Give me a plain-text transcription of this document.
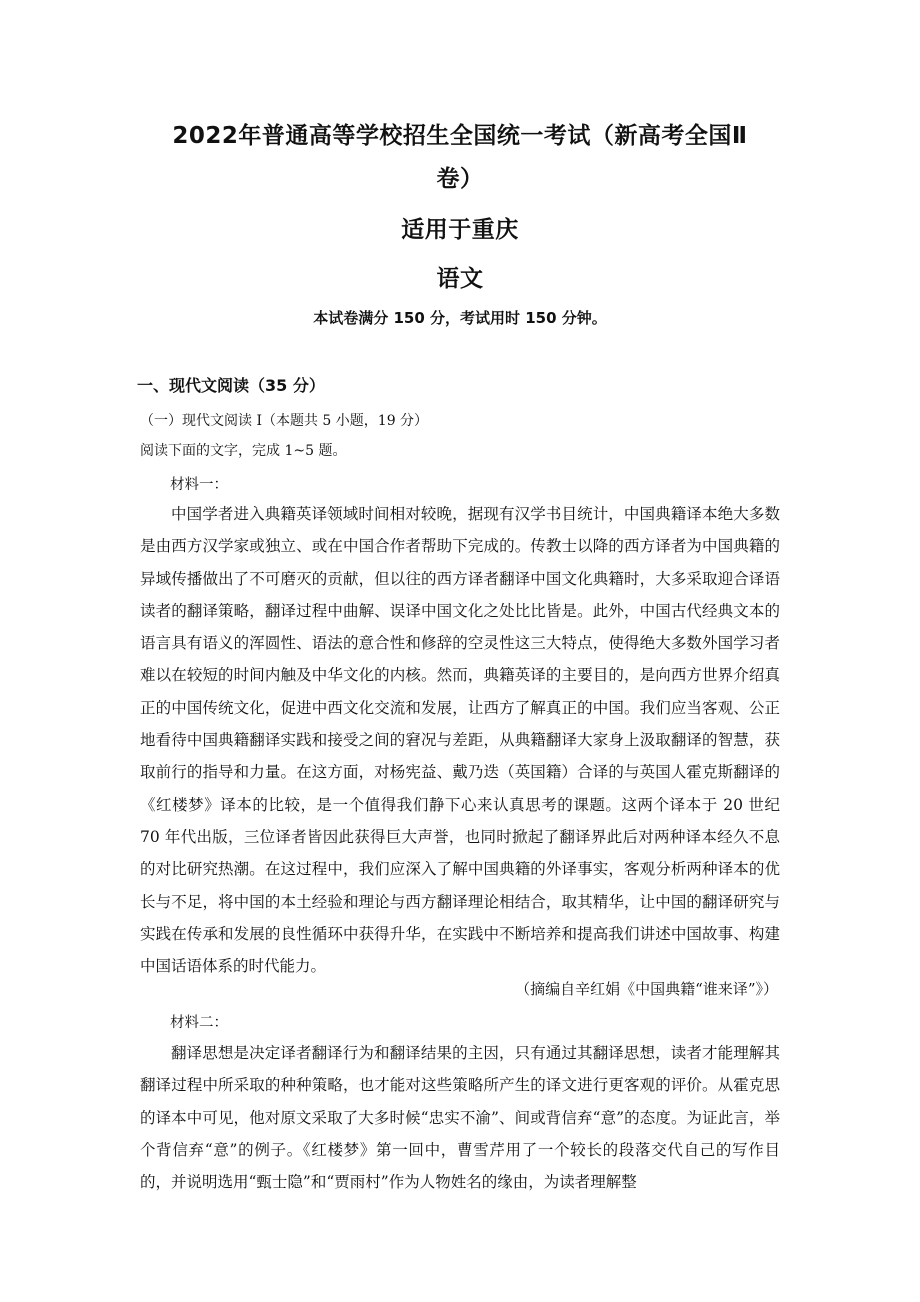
2022年普通高等学校招生全国统一考试（新高考全国Ⅱ
卷）
适用于重庆
语文
本试卷满分 150 分，考试用时 150 分钟。
一、现代文阅读（35 分）
（一）现代文阅读 I（本题共 5 小题，19 分）
阅读下面的文字，完成 1~5 题。
材料一：

中国学者进入典籍英译领域时间相对较晚，据现有汉学书目统计，中国典籍译本绝大多数是由西方汉学家或独立、或在中国合作者帮助下完成的。传教士以降的西方译者为中国典籍的异域传播做出了不可磨灭的贡献，但以往的西方译者翻译中国文化典籍时，大多采取迎合译语读者的翻译策略，翻译过程中曲解、误译中国文化之处比比皆是。此外，中国古代经典文本的语言具有语义的浑圆性、语法的意合性和修辞的空灵性这三大特点，使得绝大多数外国学习者难以在较短的时间内触及中华文化的内核。然而，典籍英译的主要目的，是向西方世界介绍真正的中国传统文化，促进中西文化交流和发展，让西方了解真正的中国。我们应当客观、公正地看待中国典籍翻译实践和接受之间的窘况与差距，从典籍翻译大家身上汲取翻译的智慧，获取前行的指导和力量。在这方面，对杨宪益、戴乃迭（英国籍）合译的与英国人霍克斯翻译的《红楼梦》译本的比较，是一个值得我们静下心来认真思考的课题。这两个译本于 20 世纪 70 年代出版，三位译者皆因此获得巨大声誉，也同时掀起了翻译界此后对两种译本经久不息的对比研究热潮。在这过程中，我们应深入了解中国典籍的外译事实，客观分析两种译本的优长与不足，将中国的本土经验和理论与西方翻译理论相结合，取其精华，让中国的翻译研究与实践在传承和发展的良性循环中获得升华，在实践中不断培养和提高我们讲述中国故事、构建中国话语体系的时代能力。

（摘编自辛红娟《中国典籍“谁来译”》）
材料二：

翻译思想是决定译者翻译行为和翻译结果的主因，只有通过其翻译思想，读者才能理解其翻译过程中所采取的种种策略，也才能对这些策略所产生的译文进行更客观的评价。从霍克思的译本中可见，他对原文采取了大多时候“忠实不渝”、间或背信弃“意”的态度。为证此言，举个背信弃“意”的例子。《红楼梦》第一回中，曹雪芹用了一个较长的段落交代自己的写作目的，并说明选用“甄士隐”和“贾雨村”作为人物姓名的缘由，为读者理解整
